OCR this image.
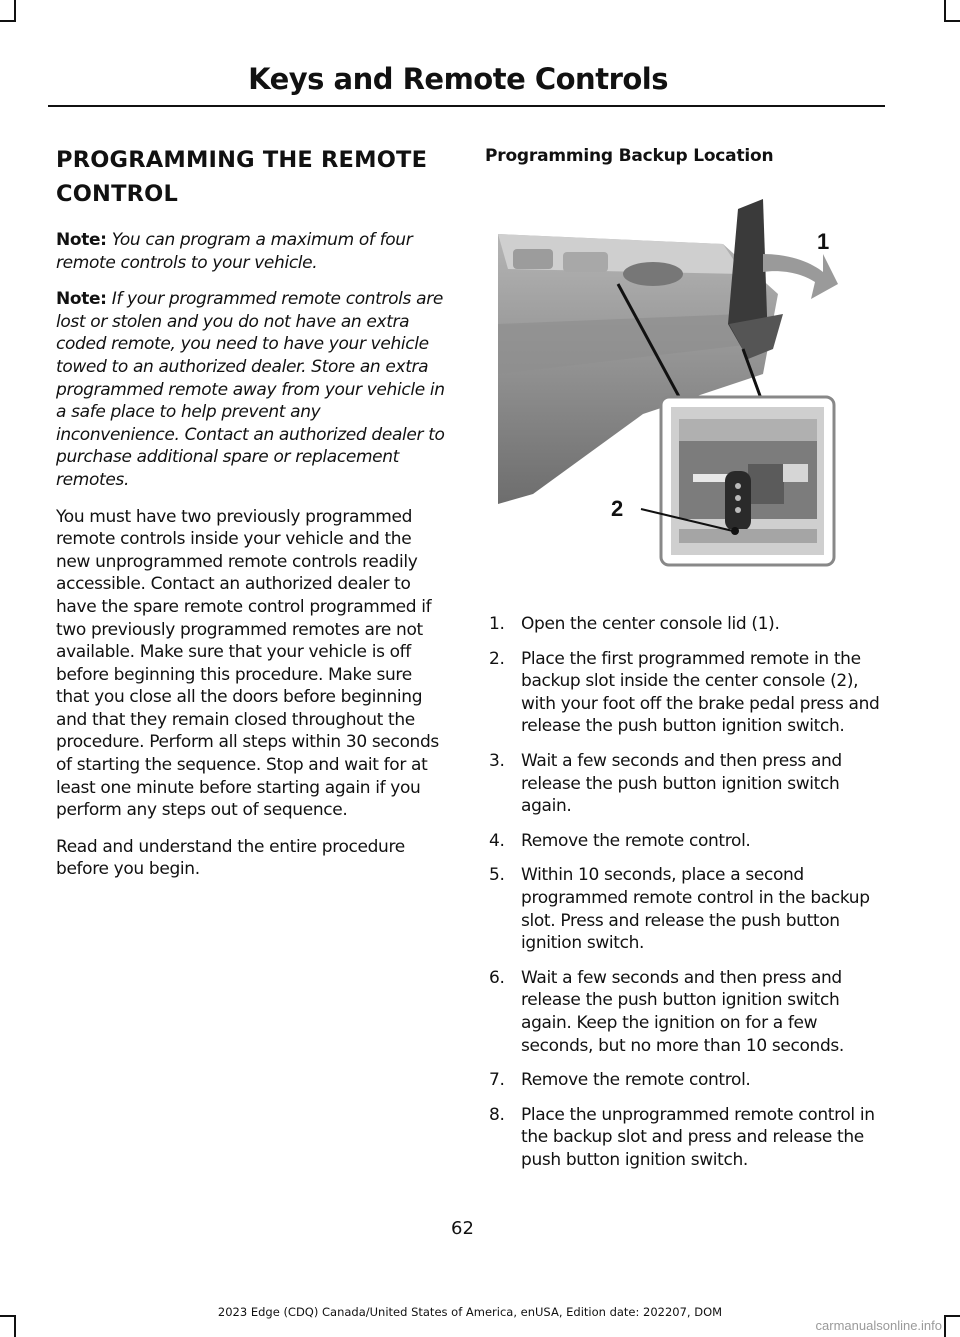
Keys and Remote Controls
PROGRAMMING THE REMOTE
CONTROL

Note: You can program a maximum of four remote controls to your vehicle.

Note: If your programmed remote controls are lost or stolen and you do not have an extra coded remote, you need to have your vehicle towed to an authorized dealer. Store an extra programmed remote away from your vehicle in a safe place to help prevent any inconvenience. Contact an authorized dealer to purchase additional spare or replacement remotes.

You must have two previously programmed remote controls inside your vehicle and the new unprogrammed remote controls readily accessible. Contact an authorized dealer to have the spare remote control programmed if two previously programmed remotes are not available. Make sure that your vehicle is off before beginning this procedure. Make sure that you close all the doors before beginning and that they remain closed throughout the procedure. Perform all steps within 30 seconds of starting the sequence. Stop and wait for at least one minute before starting again if you perform any steps out of sequence.

Read and understand the entire procedure before you begin.

Programming Backup Location
1
2
1. Open the center console lid (1).
2. Place the first programmed remote in the backup slot inside the center console (2), with your foot off the brake pedal press and release the push button ignition switch.
3. Wait a few seconds and then press and release the push button ignition switch again.
4. Remove the remote control.
5. Within 10 seconds, place a second programmed remote control in the backup slot. Press and release the push button ignition switch.
6. Wait a few seconds and then press and release the push button ignition switch again. Keep the ignition on for a few seconds, but no more than 10 seconds.
7. Remove the remote control.
8. Place the unprogrammed remote control in the backup slot and press and release the push button ignition switch.
62
2023 Edge (CDQ) Canada/United States of America, enUSA, Edition date: 202207, DOM
carmanualsonline.info
